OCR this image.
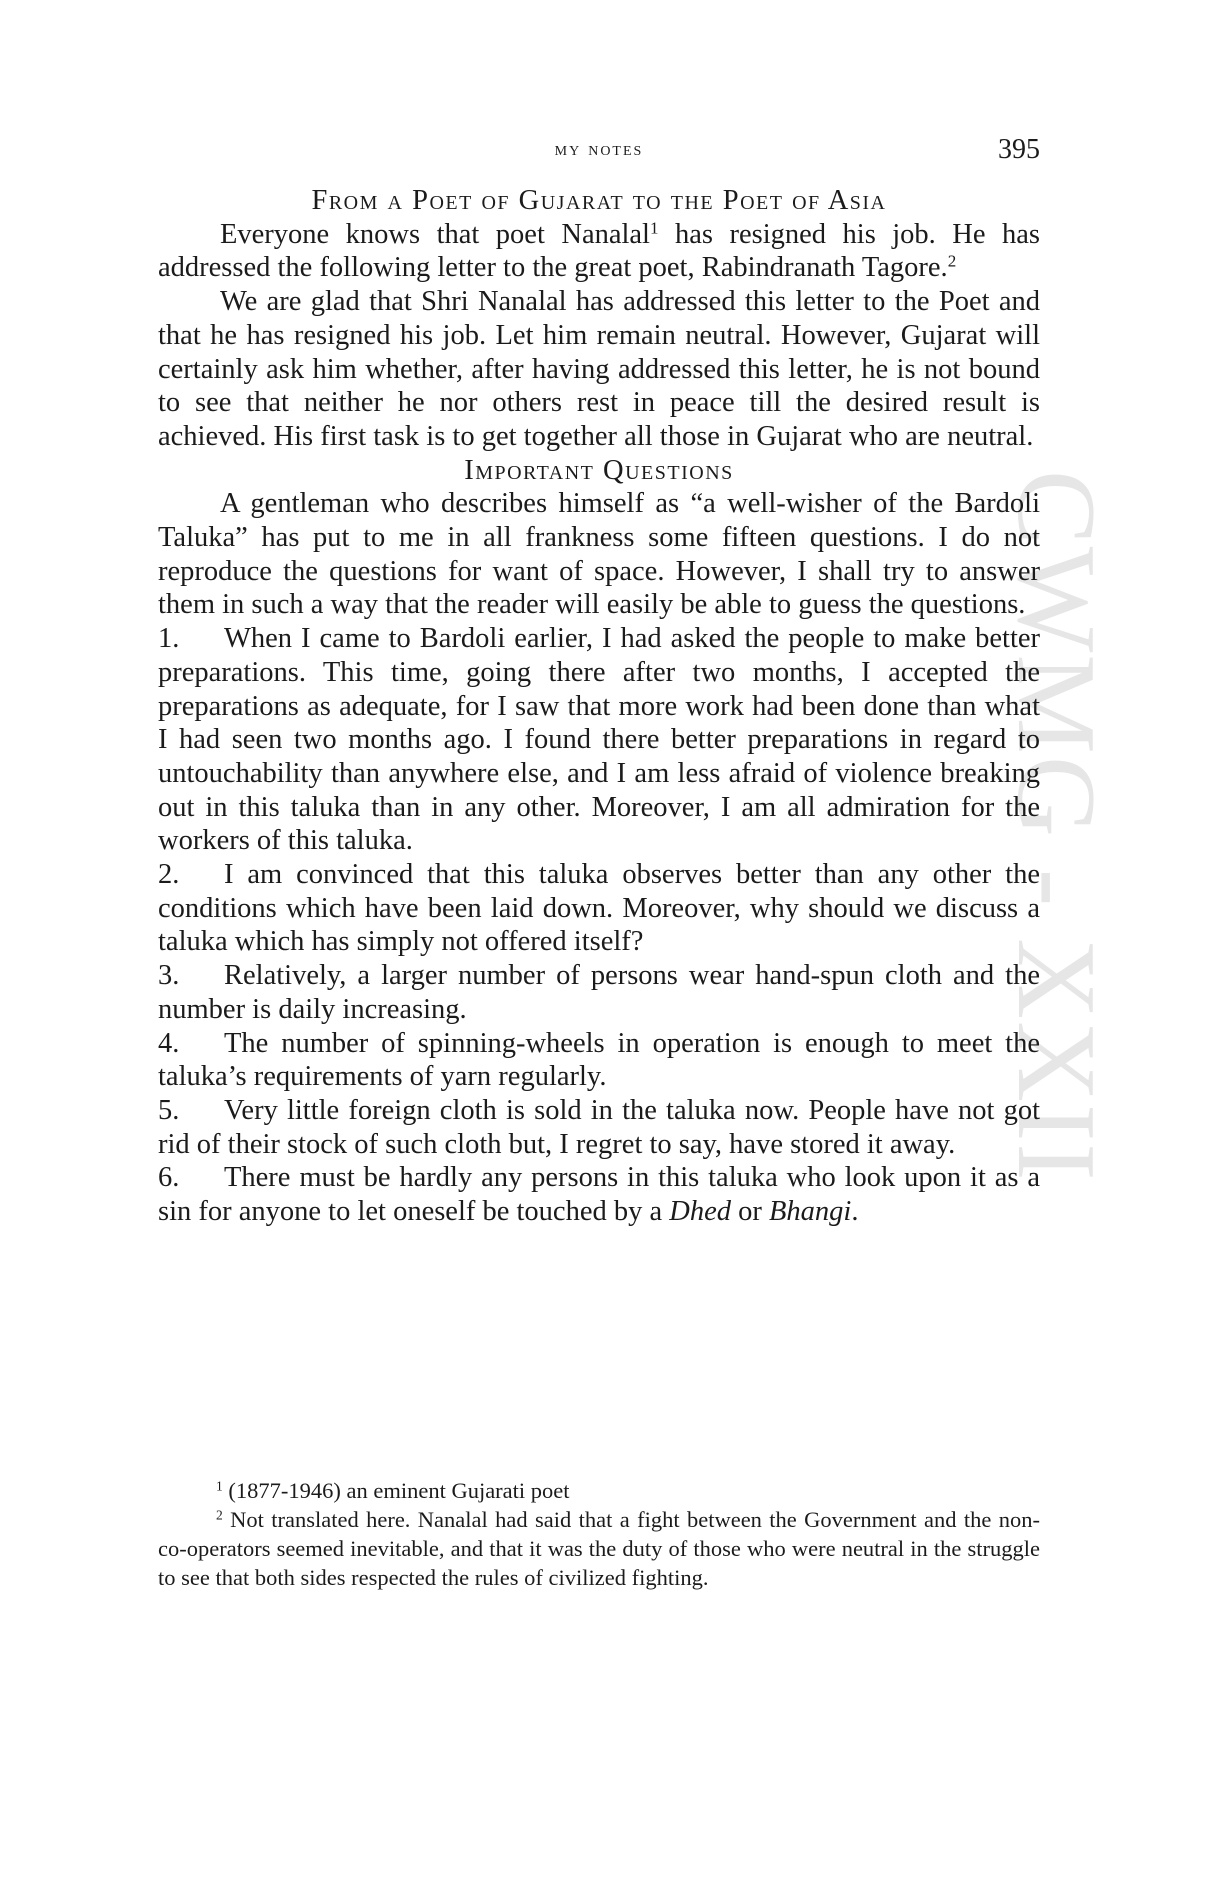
CWMG - XXII
my notes	395
From a Poet of Gujarat to the Poet of Asia

Everyone knows that poet Nanalal$^1$ has resigned his job. He has addressed the following letter to the great poet, Rabindranath Tagore.$^2$

We are glad that Shri Nanalal has addressed this letter to the Poet and that he has resigned his job. Let him remain neutral. However, Gujarat will certainly ask him whether, after having addressed this letter, he is not bound to see that neither he nor others rest in peace till the desired result is achieved. His first task is to get together all those in Gujarat who are neutral.

Important Questions

A gentleman who describes himself as “a well-wisher of the Bardoli Taluka” has put to me in all frankness some fifteen questions. I do not reproduce the questions for want of space. However, I shall try to answer them in such a way that the reader will easily be able to guess the questions.

1. When I came to Bardoli earlier, I had asked the people to make better preparations. This time, going there after two months, I accepted the preparations as adequate, for I saw that more work had been done than what I had seen two months ago. I found there better preparations in regard to untouchability than anywhere else, and I am less afraid of violence breaking out in this taluka than in any other. Moreover, I am all admiration for the workers of this taluka.

2. I am convinced that this taluka observes better than any other the conditions which have been laid down. Moreover, why should we discuss a taluka which has simply not offered itself?

3. Relatively, a larger number of persons wear hand-spun cloth and the number is daily increasing.

4. The number of spinning-wheels in operation is enough to meet the taluka’s requirements of yarn regularly.

5. Very little foreign cloth is sold in the taluka now. People have not got rid of their stock of such cloth but, I regret to say, have stored it away.

6. There must be hardly any persons in this taluka who look upon it as a sin for anyone to let oneself be touched by a Dhed or Bhangi.

$^1$ (1877-1946) an eminent Gujarati poet

$^2$ Not translated here. Nanalal had said that a fight between the Government and the non-co-operators seemed inevitable, and that it was the duty of those who were neutral in the struggle to see that both sides respected the rules of civilized fighting.
